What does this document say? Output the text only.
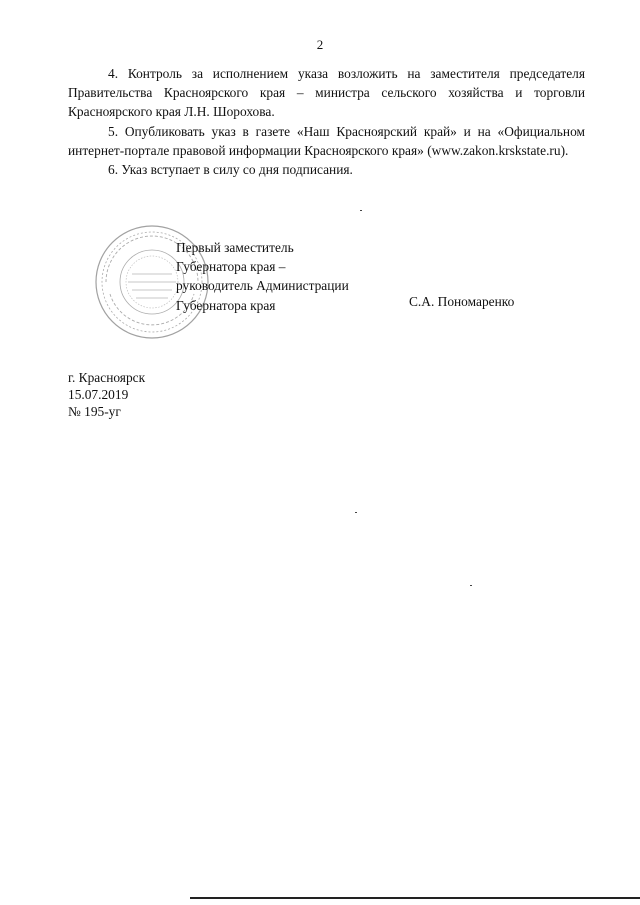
2

4. Контроль за исполнением указа возложить на заместителя председателя Правительства Красноярского края – министра сельского хозяйства и торговли Красноярского края Л.Н. Шорохова.

5. Опубликовать указ в газете «Наш Красноярский край» и на «Официальном интернет-портале правовой информации Красноярского края» (www.zakon.krskstate.ru).

6. Указ вступает в силу со дня подписания.

Первый заместитель
Губернатора края –
руководитель Администрации
Губернатора края	С.А. Пономаренко
г. Красноярск
15.07.2019
№ 195-уг
